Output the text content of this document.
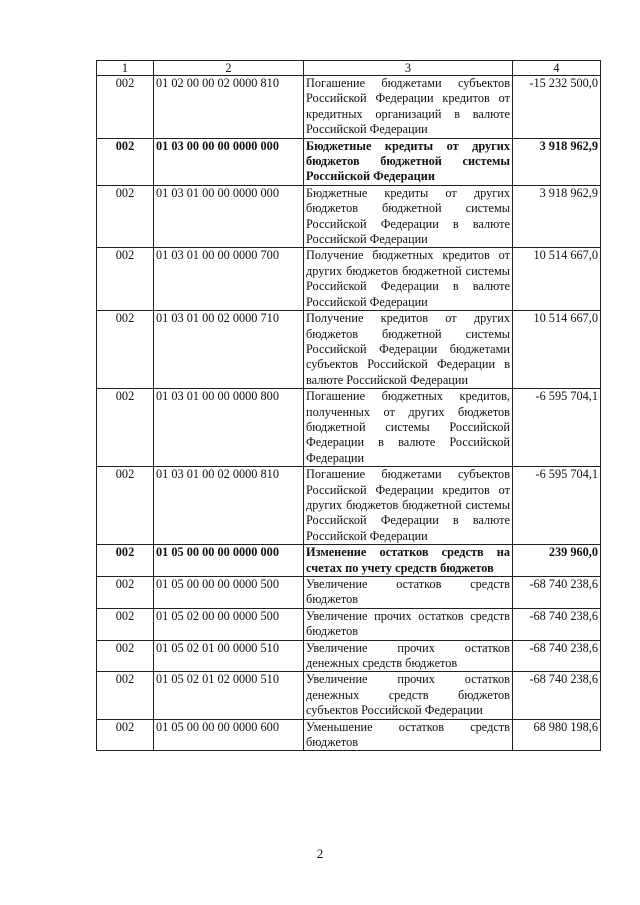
1	2	3	4
002	01 02 00 00 02 0000 810	Погашение бюджетами субъектов Российской Федерации кредитов от кредитных организаций в валюте Российской Федерации	-15 232 500,0
002	01 03 00 00 00 0000 000	Бюджетные кредиты от других бюджетов бюджетной системы Российской Федерации	3 918 962,9
002	01 03 01 00 00 0000 000	Бюджетные кредиты от других бюджетов бюджетной системы Российской Федерации в валюте Российской Федерации	3 918 962,9
002	01 03 01 00 00 0000 700	Получение бюджетных кредитов от других бюджетов бюджетной системы Российской Федерации в валюте Российской Федерации	10 514 667,0
002	01 03 01 00 02 0000 710	Получение кредитов от других бюджетов бюджетной системы Российской Федерации бюджетами субъектов Российской Федерации в валюте Российской Федерации	10 514 667,0
002	01 03 01 00 00 0000 800	Погашение бюджетных кредитов, полученных от других бюджетов бюджетной системы Российской Федерации в валюте Российской Федерации	-6 595 704,1
002	01 03 01 00 02 0000 810	Погашение бюджетами субъектов Российской Федерации кредитов от других бюджетов бюджетной системы Российской Федерации в валюте Российской Федерации	-6 595 704,1
002	01 05 00 00 00 0000 000	Изменение остатков средств на счетах по учету средств бюджетов	239 960,0
002	01 05 00 00 00 0000 500	Увеличение остатков средств бюджетов	-68 740 238,6
002	01 05 02 00 00 0000 500	Увеличение прочих остатков средств бюджетов	-68 740 238,6
002	01 05 02 01 00 0000 510	Увеличение прочих остатков денежных средств бюджетов	-68 740 238,6
002	01 05 02 01 02 0000 510	Увеличение прочих остатков денежных средств бюджетов субъектов Российской Федерации	-68 740 238,6
002	01 05 00 00 00 0000 600	Уменьшение остатков средств бюджетов	68 980 198,6
2
